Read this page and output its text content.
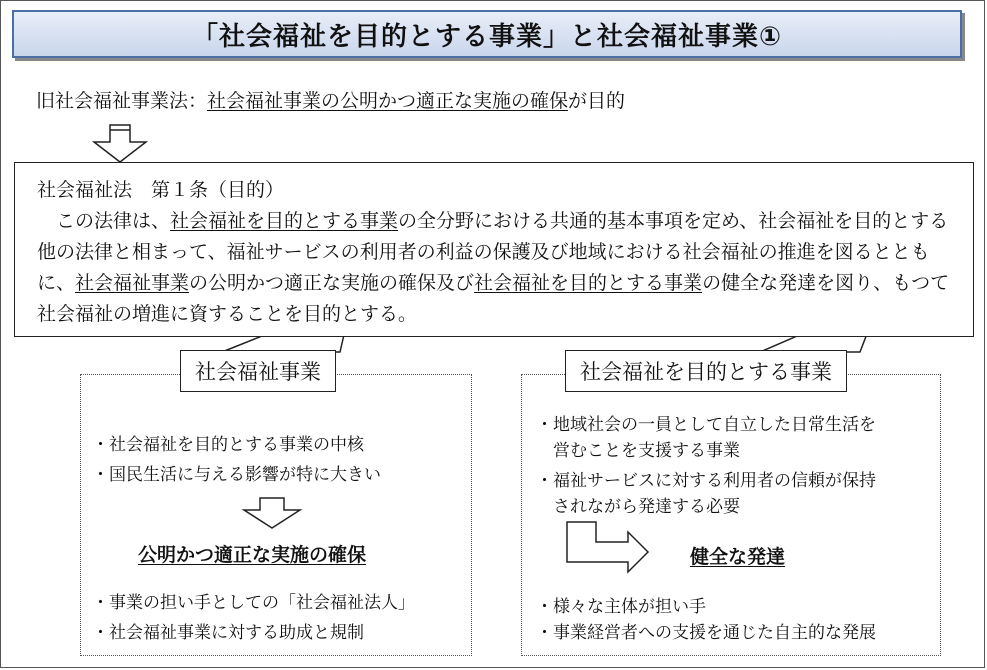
「社会福祉を目的とする事業」と社会福祉事業①
旧社会福祉事業法：社会福祉事業の公明かつ適正な実施の確保が目的
社会福祉法　第１条（目的）
この法律は、社会福祉を目的とする事業の全分野における共通的基本事項を定め、社会福祉を目的とする他の法律と相まって、福祉サービスの利用者の利益の保護及び地域における社会福祉の推進を図るとともに、社会福祉事業の公明かつ適正な実施の確保及び社会福祉を目的とする事業の健全な発達を図り、もつて社会福祉の増進に資することを目的とする。
社会福祉事業	社会福祉を目的とする事業
・社会福祉を目的とする事業の中核
・国民生活に与える影響が特に大きい
公明かつ適正な実施の確保
・事業の担い手としての「社会福祉法人」
・社会福祉事業に対する助成と規制
・地域社会の一員として自立した日常生活を
　営むことを支援する事業
・福祉サービスに対する利用者の信頼が保持
　されながら発達する必要
健全な発達
・様々な主体が担い手
・事業経営者への支援を通じた自主的な発展
